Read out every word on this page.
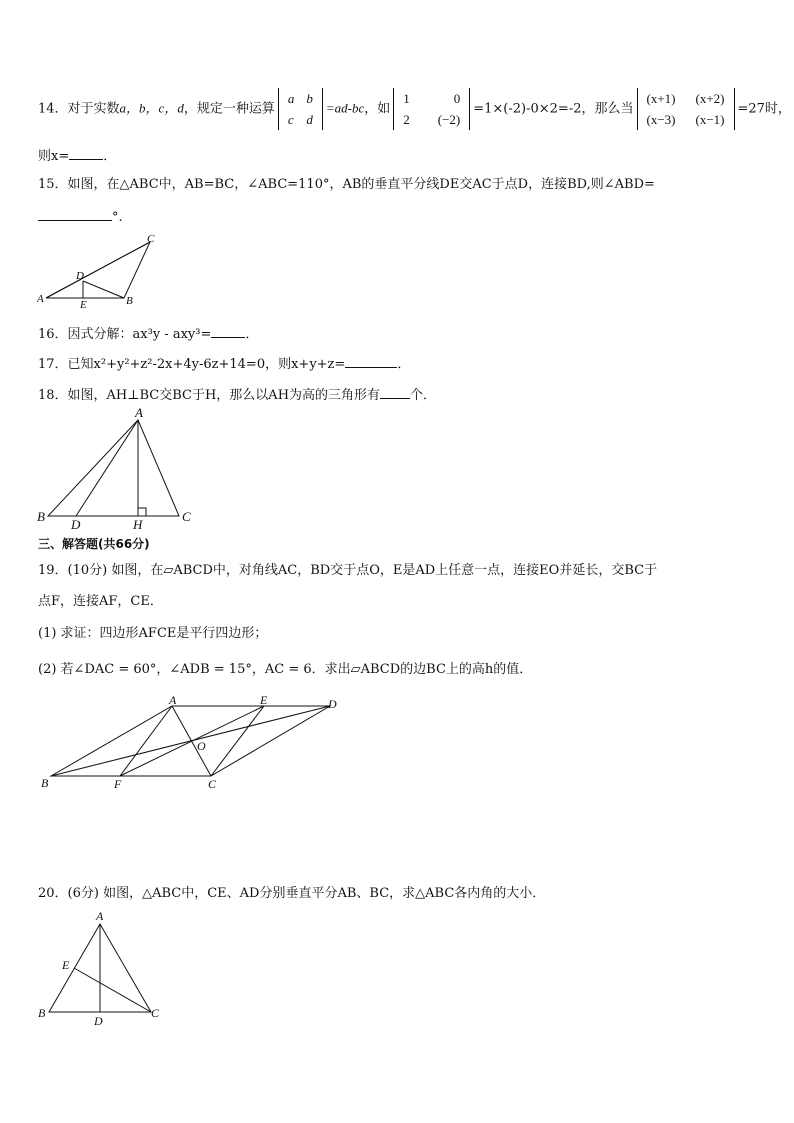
14．对于实数a，b，c，d，规定一种运算
a	b
c	d
=ad-bc，如
1	0
2	(−2)
=1×(-2)-0×2=-2，那么当
(x+1)	(x+2)
(x−3)	(x−1)
=27时，
则x=	．
15．如图，在△ABC中，AB=BC，∠ABC=110°，AB的垂直平分线DE交AC于点D，连接BD,则∠ABD=
°.
A	B
C
D
E
16．因式分解：ax³y - axy³=	．
17．已知x²+y²+z²-2x+4y-6z+14=0，则x+y+z=	．
18．如图，AH⊥BC交BC于H，那么以AH为高的三角形有 个．
A
B	C
D	H
三、解答题(共66分)
19．(10分) 如图，在▱ABCD中，对角线AC，BD交于点O，E是AD上任意一点，连接EO并延长，交BC于
点F，连接AF，CE．
(1) 求证：四边形AFCE是平行四边形；
(2) 若∠DAC = 60°，∠ADB = 15°，AC = 6．求出▱ABCD的边BC上的高h的值．
A
B	C
D
E
F
O
20．(6分) 如图，△ABC中，CE、AD分别垂直平分AB、BC，求△ABC各内角的大小．
A
B	C
D
E
